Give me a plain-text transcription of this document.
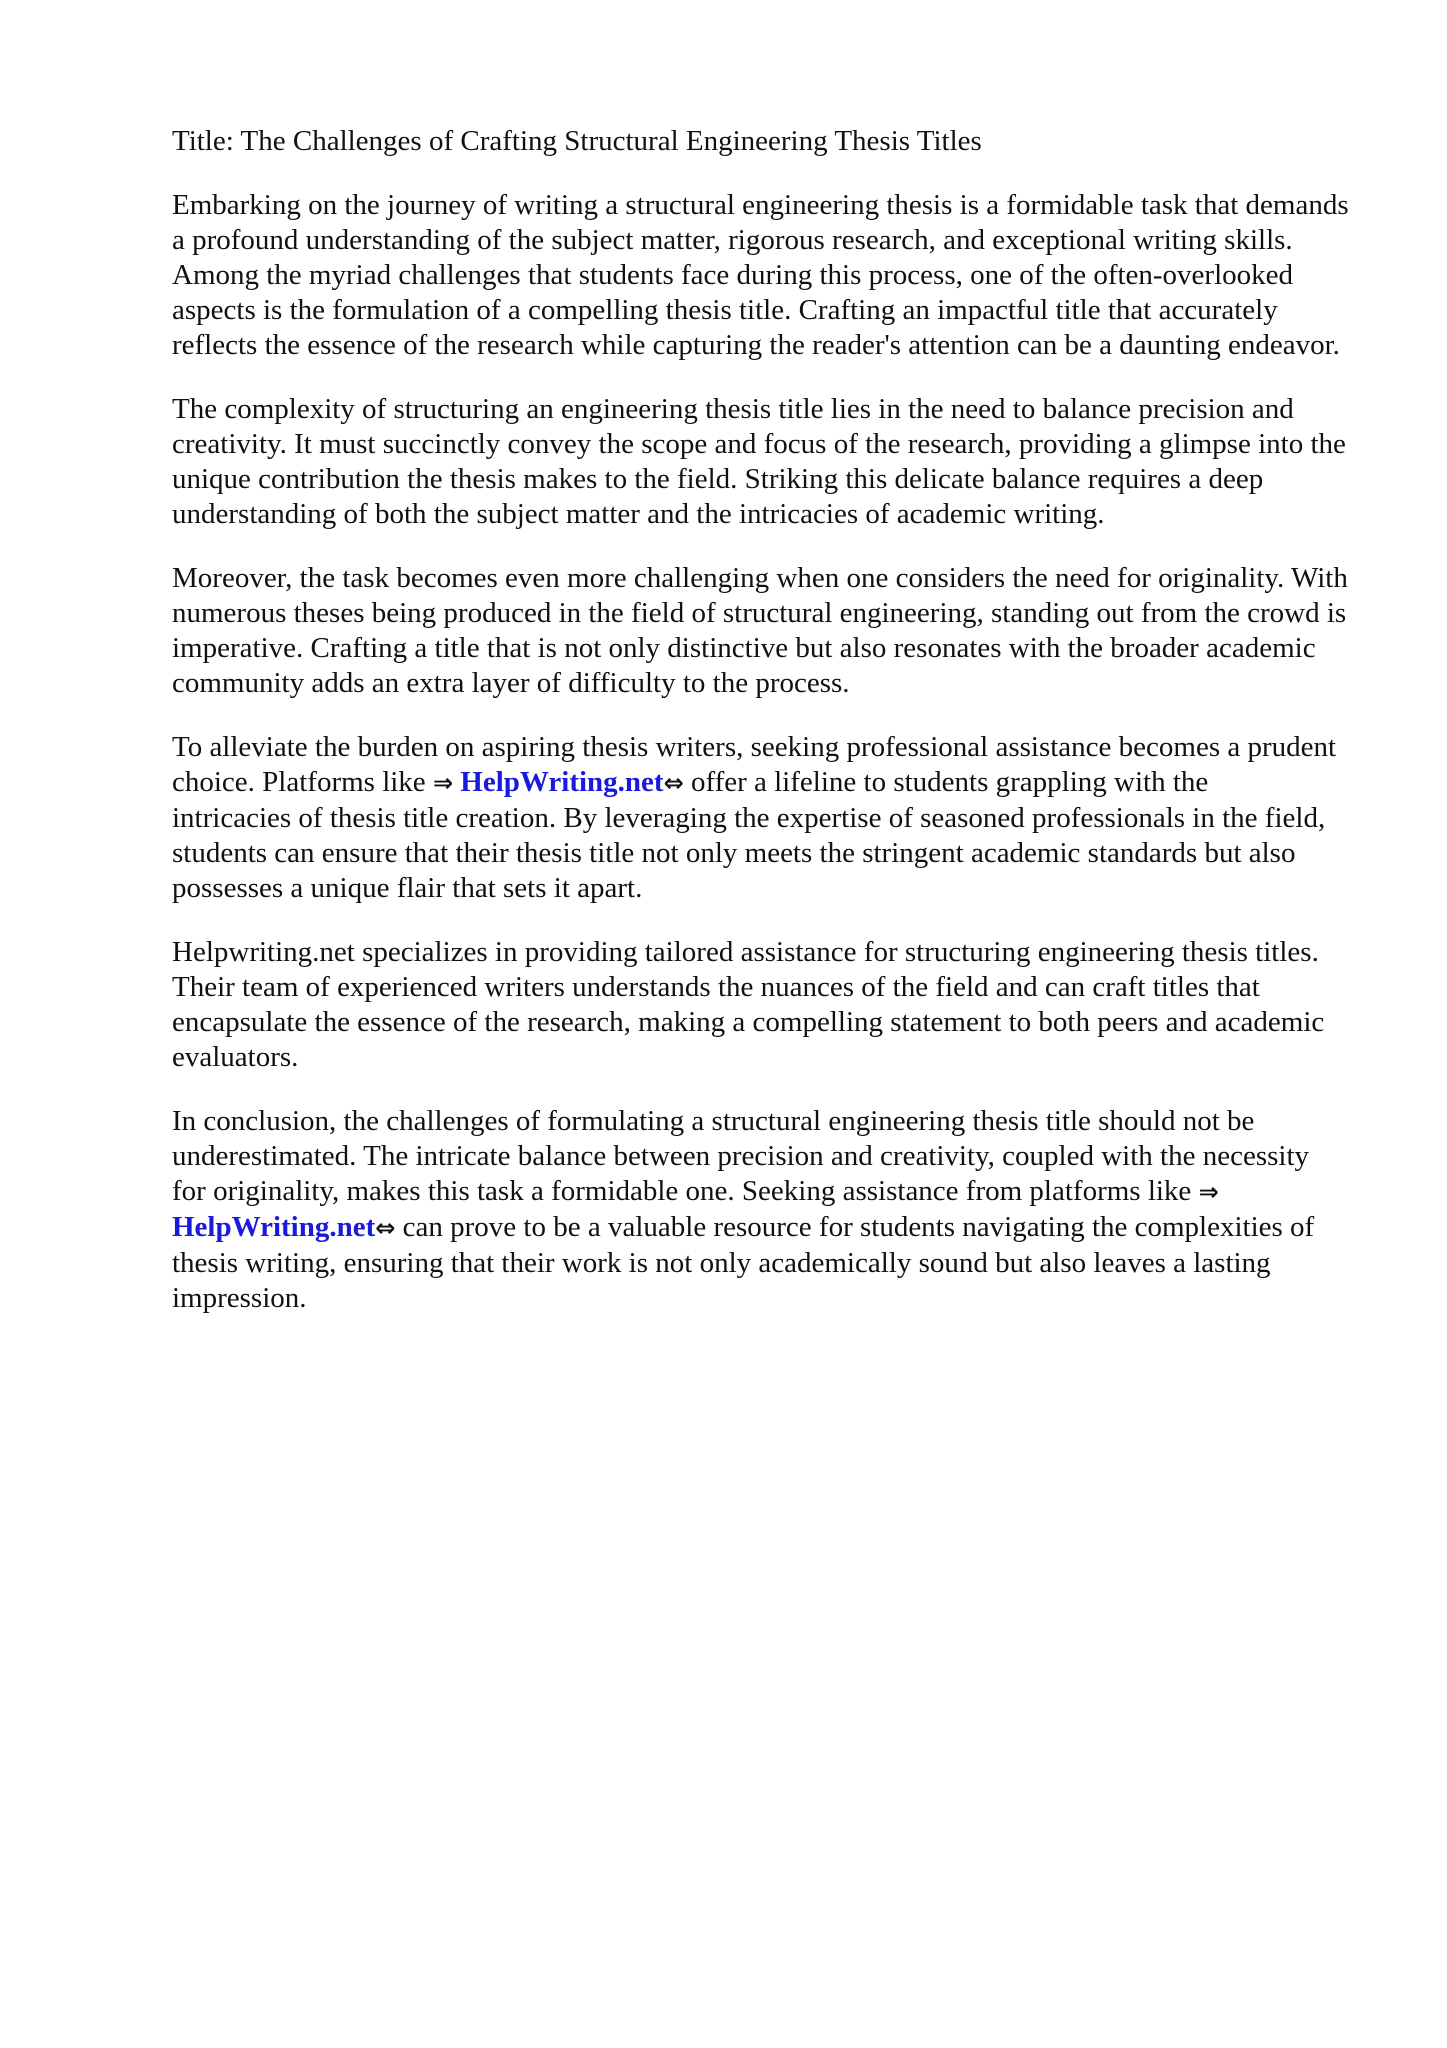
Title: The Challenges of Crafting Structural Engineering Thesis Titles
Embarking on the journey of writing a structural engineering thesis is a formidable task that demands
a profound understanding of the subject matter, rigorous research, and exceptional writing skills.
Among the myriad challenges that students face during this process, one of the often-overlooked
aspects is the formulation of a compelling thesis title. Crafting an impactful title that accurately
reflects the essence of the research while capturing the reader's attention can be a daunting endeavor.
The complexity of structuring an engineering thesis title lies in the need to balance precision and
creativity. It must succinctly convey the scope and focus of the research, providing a glimpse into the
unique contribution the thesis makes to the field. Striking this delicate balance requires a deep
understanding of both the subject matter and the intricacies of academic writing.
Moreover, the task becomes even more challenging when one considers the need for originality. With
numerous theses being produced in the field of structural engineering, standing out from the crowd is
imperative. Crafting a title that is not only distinctive but also resonates with the broader academic
community adds an extra layer of difficulty to the process.
To alleviate the burden on aspiring thesis writers, seeking professional assistance becomes a prudent
choice. Platforms like ⇒ HelpWriting.net⇔ offer a lifeline to students grappling with the
intricacies of thesis title creation. By leveraging the expertise of seasoned professionals in the field,
students can ensure that their thesis title not only meets the stringent academic standards but also
possesses a unique flair that sets it apart.
Helpwriting.net specializes in providing tailored assistance for structuring engineering thesis titles.
Their team of experienced writers understands the nuances of the field and can craft titles that
encapsulate the essence of the research, making a compelling statement to both peers and academic
evaluators.
In conclusion, the challenges of formulating a structural engineering thesis title should not be
underestimated. The intricate balance between precision and creativity, coupled with the necessity
for originality, makes this task a formidable one. Seeking assistance from platforms like ⇒
HelpWriting.net⇔ can prove to be a valuable resource for students navigating the complexities of
thesis writing, ensuring that their work is not only academically sound but also leaves a lasting
impression.
